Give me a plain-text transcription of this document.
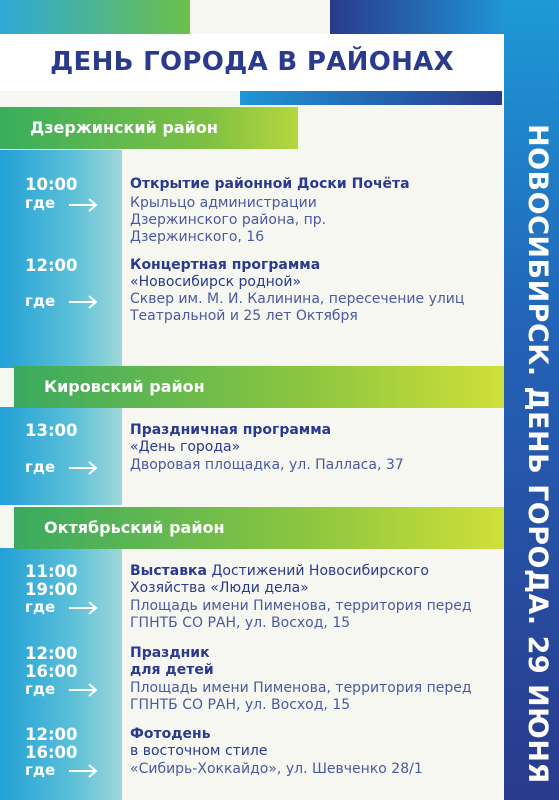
НОВОСИБИРСК. ДЕНЬ ГОРОДА. 29 ИЮНЯ
ДЕНЬ ГОРОДА В РАЙОНАХ
Дзержинский район
Кировский район
Октябрьский район
10:00
где
Открытие районной Доски Почёта
Крыльцо администрации Дзержинского района, пр. Дзержинского, 16
12:00
где
Концертная программа
«Новосибирск родной»
Сквер им. М. И. Калинина, пересечение улиц Театральной и 25 лет Октября
13:00
где
Праздничная программа
«День города»
Дворовая площадка, ул. Палласа, 37
11:00
19:00
где
Выставка Достижений Новосибирского Хозяйства «Люди дела»
Площадь имени Пименова, территория перед ГПНТБ СО РАН, ул. Восход, 15
12:00
16:00
где
Праздник
для детей
Площадь имени Пименова, территория перед ГПНТБ СО РАН, ул. Восход, 15
12:00
16:00
где
Фотодень
в восточном стиле
«Сибирь-Хоккайдо», ул. Шевченко 28/1
